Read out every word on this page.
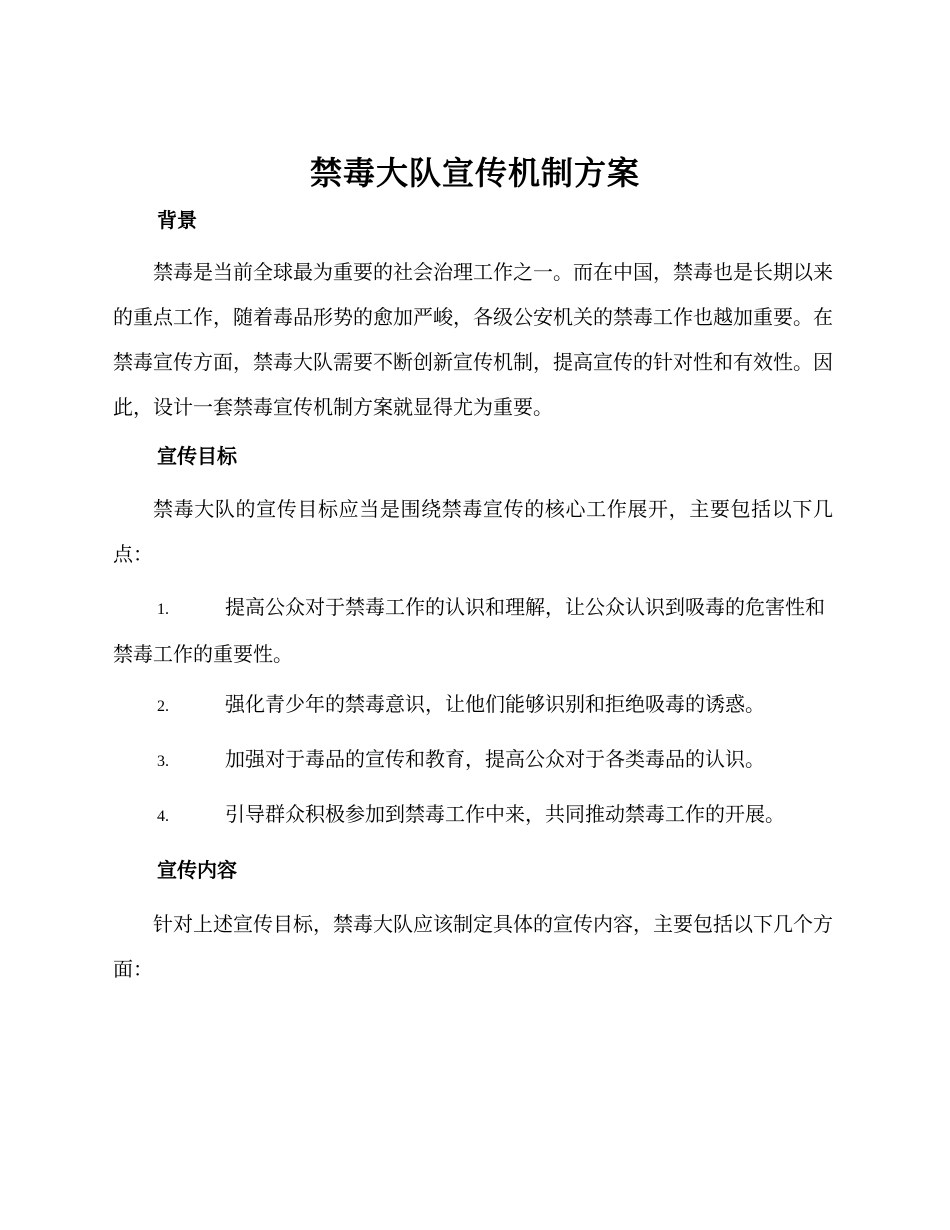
禁毒大队宣传机制方案
背景

禁毒是当前全球最为重要的社会治理工作之一。而在中国，禁毒也是长期以来的重点工作，随着毒品形势的愈加严峻，各级公安机关的禁毒工作也越加重要。在禁毒宣传方面，禁毒大队需要不断创新宣传机制，提高宣传的针对性和有效性。因此，设计一套禁毒宣传机制方案就显得尤为重要。

宣传目标

禁毒大队的宣传目标应当是围绕禁毒宣传的核心工作展开，主要包括以下几点：

1.	提高公众对于禁毒工作的认识和理解，让公众认识到吸毒的危害性和禁毒工作的重要性。
2.	强化青少年的禁毒意识，让他们能够识别和拒绝吸毒的诱惑。
3.	加强对于毒品的宣传和教育，提高公众对于各类毒品的认识。
4.	引导群众积极参加到禁毒工作中来，共同推动禁毒工作的开展。
宣传内容

针对上述宣传目标，禁毒大队应该制定具体的宣传内容，主要包括以下几个方面：
